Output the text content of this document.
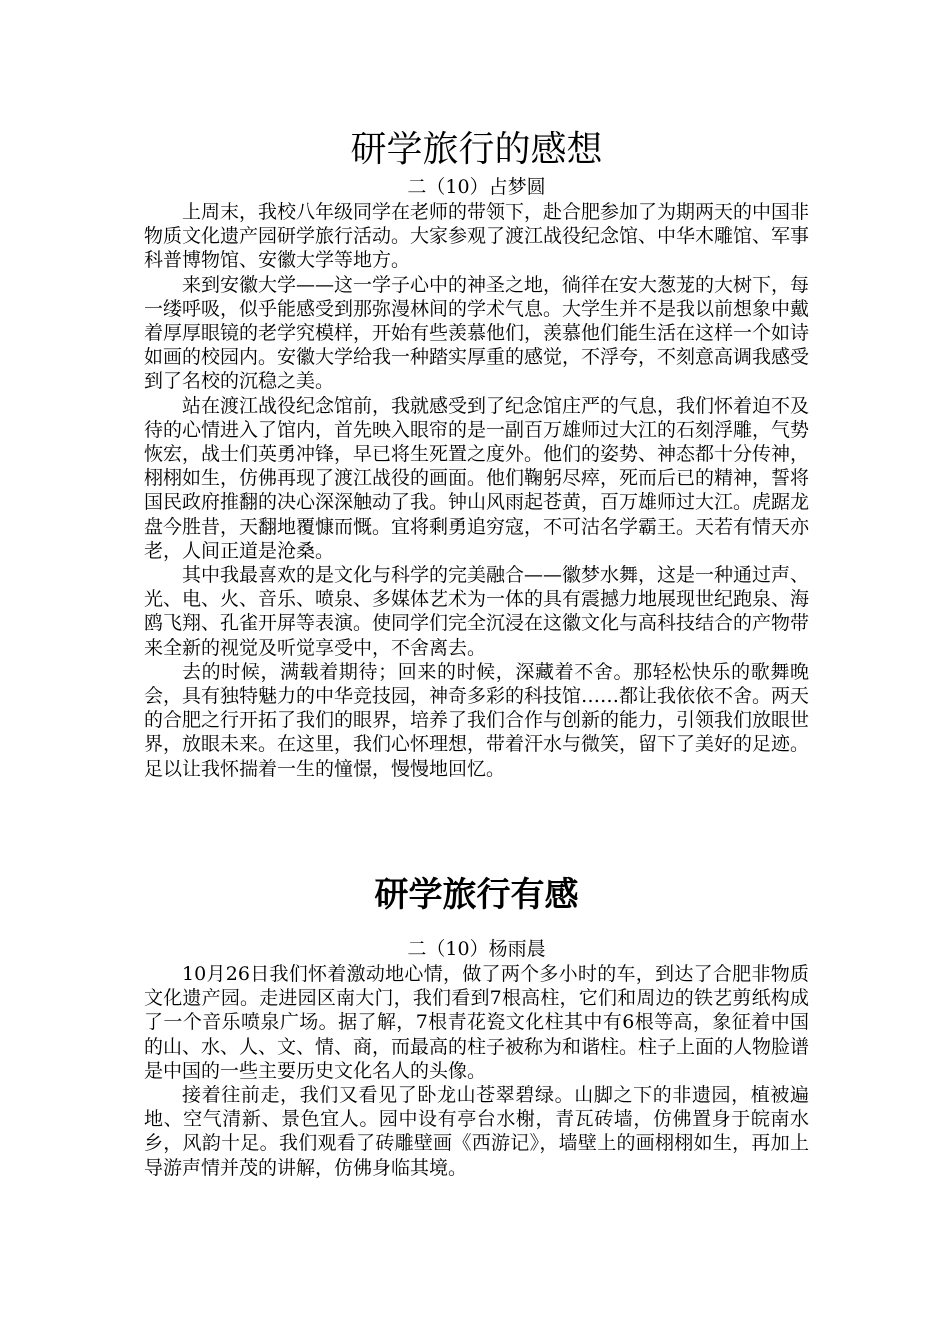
研学旅行的感想
二（10）占梦圆

上周末，我校八年级同学在老师的带领下，赴合肥参加了为期两天的中国非物质文化遗产园研学旅行活动。大家参观了渡江战役纪念馆、中华木雕馆、军事科普博物馆、安徽大学等地方。

来到安徽大学——这一学子心中的神圣之地，徜徉在安大葱茏的大树下，每一缕呼吸，似乎能感受到那弥漫林间的学术气息。大学生并不是我以前想象中戴着厚厚眼镜的老学究模样，开始有些羡慕他们，羡慕他们能生活在这样一个如诗如画的校园内。安徽大学给我一种踏实厚重的感觉，不浮夸，不刻意高调我感受到了名校的沉稳之美。

站在渡江战役纪念馆前，我就感受到了纪念馆庄严的气息，我们怀着迫不及待的心情进入了馆内，首先映入眼帘的是一副百万雄师过大江的石刻浮雕，气势恢宏，战士们英勇冲锋，早已将生死置之度外。他们的姿势、神态都十分传神，栩栩如生，仿佛再现了渡江战役的画面。他们鞠躬尽瘁，死而后已的精神，誓将国民政府推翻的决心深深触动了我。钟山风雨起苍黄，百万雄师过大江。虎踞龙盘今胜昔，天翻地覆慷而慨。宜将剩勇追穷寇，不可沽名学霸王。天若有情天亦老，人间正道是沧桑。

其中我最喜欢的是文化与科学的完美融合——徽梦水舞，这是一种通过声、光、电、火、音乐、喷泉、多媒体艺术为一体的具有震撼力地展现世纪跑泉、海鸥飞翔、孔雀开屏等表演。使同学们完全沉浸在这徽文化与高科技结合的产物带来全新的视觉及听觉享受中，不舍离去。

去的时候，满载着期待；回来的时候，深藏着不舍。那轻松快乐的歌舞晚会，具有独特魅力的中华竞技园，神奇多彩的科技馆……都让我依依不舍。两天的合肥之行开拓了我们的眼界，培养了我们合作与创新的能力，引领我们放眼世界，放眼未来。在这里，我们心怀理想，带着汗水与微笑，留下了美好的足迹。足以让我怀揣着一生的憧憬，慢慢地回忆。

研学旅行有感
二（10）杨雨晨

10月26日我们怀着激动地心情，做了两个多小时的车，到达了合肥非物质文化遗产园。走进园区南大门，我们看到7根高柱，它们和周边的铁艺剪纸构成了一个音乐喷泉广场。据了解，7根青花瓷文化柱其中有6根等高，象征着中国的山、水、人、文、情、商，而最高的柱子被称为和谐柱。柱子上面的人物脸谱是中国的一些主要历史文化名人的头像。

接着往前走，我们又看见了卧龙山苍翠碧绿。山脚之下的非遗园，植被遍地、空气清新、景色宜人。园中设有亭台水榭，青瓦砖墙，仿佛置身于皖南水乡，风韵十足。我们观看了砖雕壁画《西游记》，墙壁上的画栩栩如生，再加上导游声情并茂的讲解，仿佛身临其境。
